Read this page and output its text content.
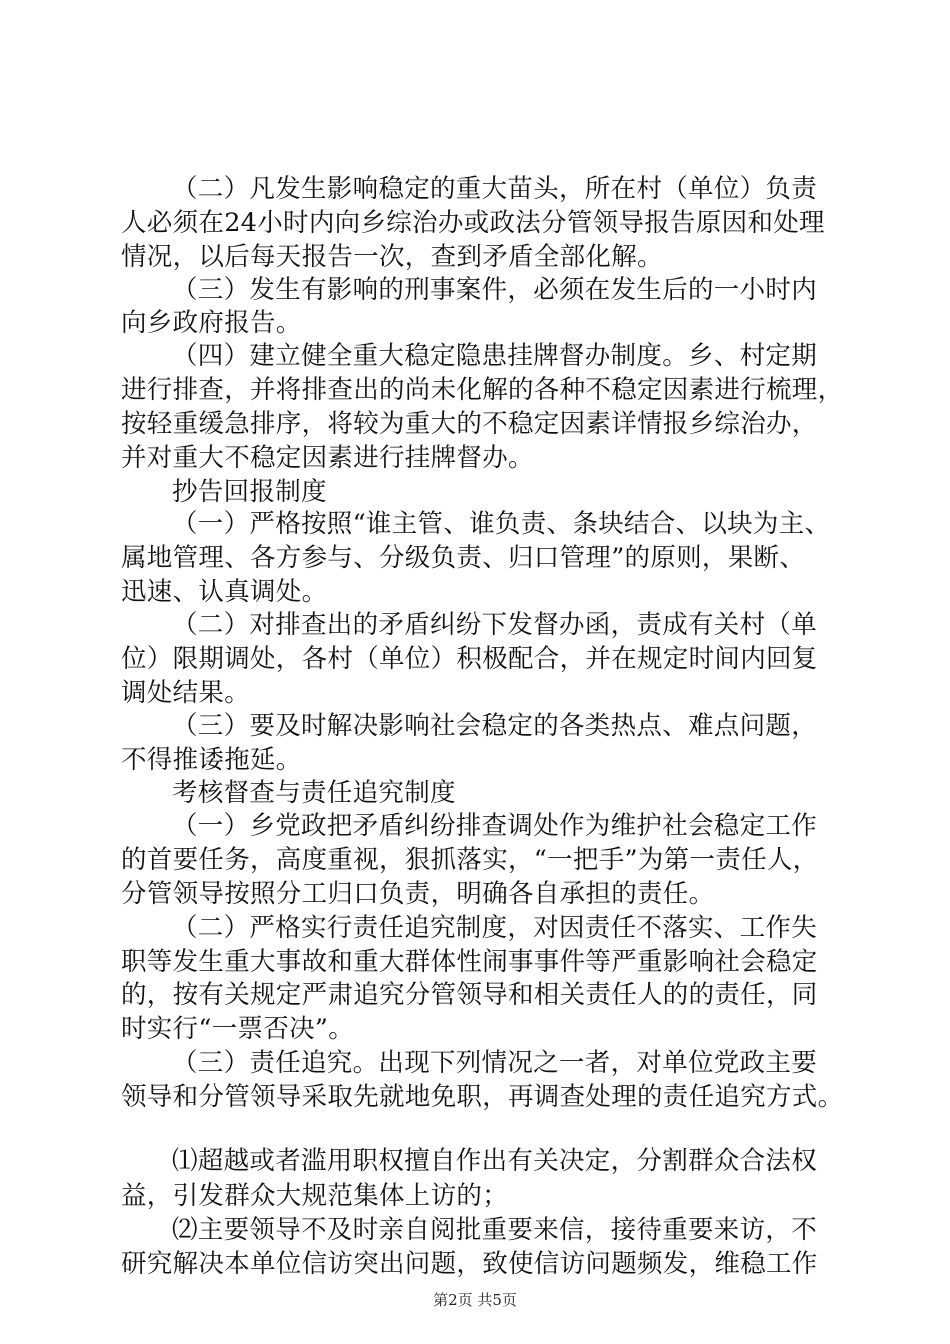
（二）凡发生影响稳定的重大苗头，所在村（单位）负责
人必须在24小时内向乡综治办或政法分管领导报告原因和处理
情况，以后每天报告一次，查到矛盾全部化解。
（三）发生有影响的刑事案件，必须在发生后的一小时内
向乡政府报告。
（四）建立健全重大稳定隐患挂牌督办制度。乡、村定期
进行排查，并将排查出的尚未化解的各种不稳定因素进行梳理，
按轻重缓急排序，将较为重大的不稳定因素详情报乡综治办，
并对重大不稳定因素进行挂牌督办。
抄告回报制度
（一）严格按照“谁主管、谁负责、条块结合、以块为主、
属地管理、各方参与、分级负责、归口管理”的原则，果断、
迅速、认真调处。
（二）对排查出的矛盾纠纷下发督办函，责成有关村（单
位）限期调处，各村（单位）积极配合，并在规定时间内回复
调处结果。
（三）要及时解决影响社会稳定的各类热点、难点问题，
不得推诿拖延。
考核督查与责任追究制度
（一）乡党政把矛盾纠纷排查调处作为维护社会稳定工作
的首要任务，高度重视，狠抓落实，“一把手”为第一责任人，
分管领导按照分工归口负责，明确各自承担的责任。
（二）严格实行责任追究制度，对因责任不落实、工作失
职等发生重大事故和重大群体性闹事事件等严重影响社会稳定
的，按有关规定严肃追究分管领导和相关责任人的的责任，同
时实行“一票否决”。
（三）责任追究。出现下列情况之一者，对单位党政主要
领导和分管领导采取先就地免职，再调查处理的责任追究方式。
⑴超越或者滥用职权擅自作出有关决定，分割群众合法权
益，引发群众大规范集体上访的；
⑵主要领导不及时亲自阅批重要来信，接待重要来访，不
研究解决本单位信访突出问题，致使信访问题频发，维稳工作
第2页 共5页
